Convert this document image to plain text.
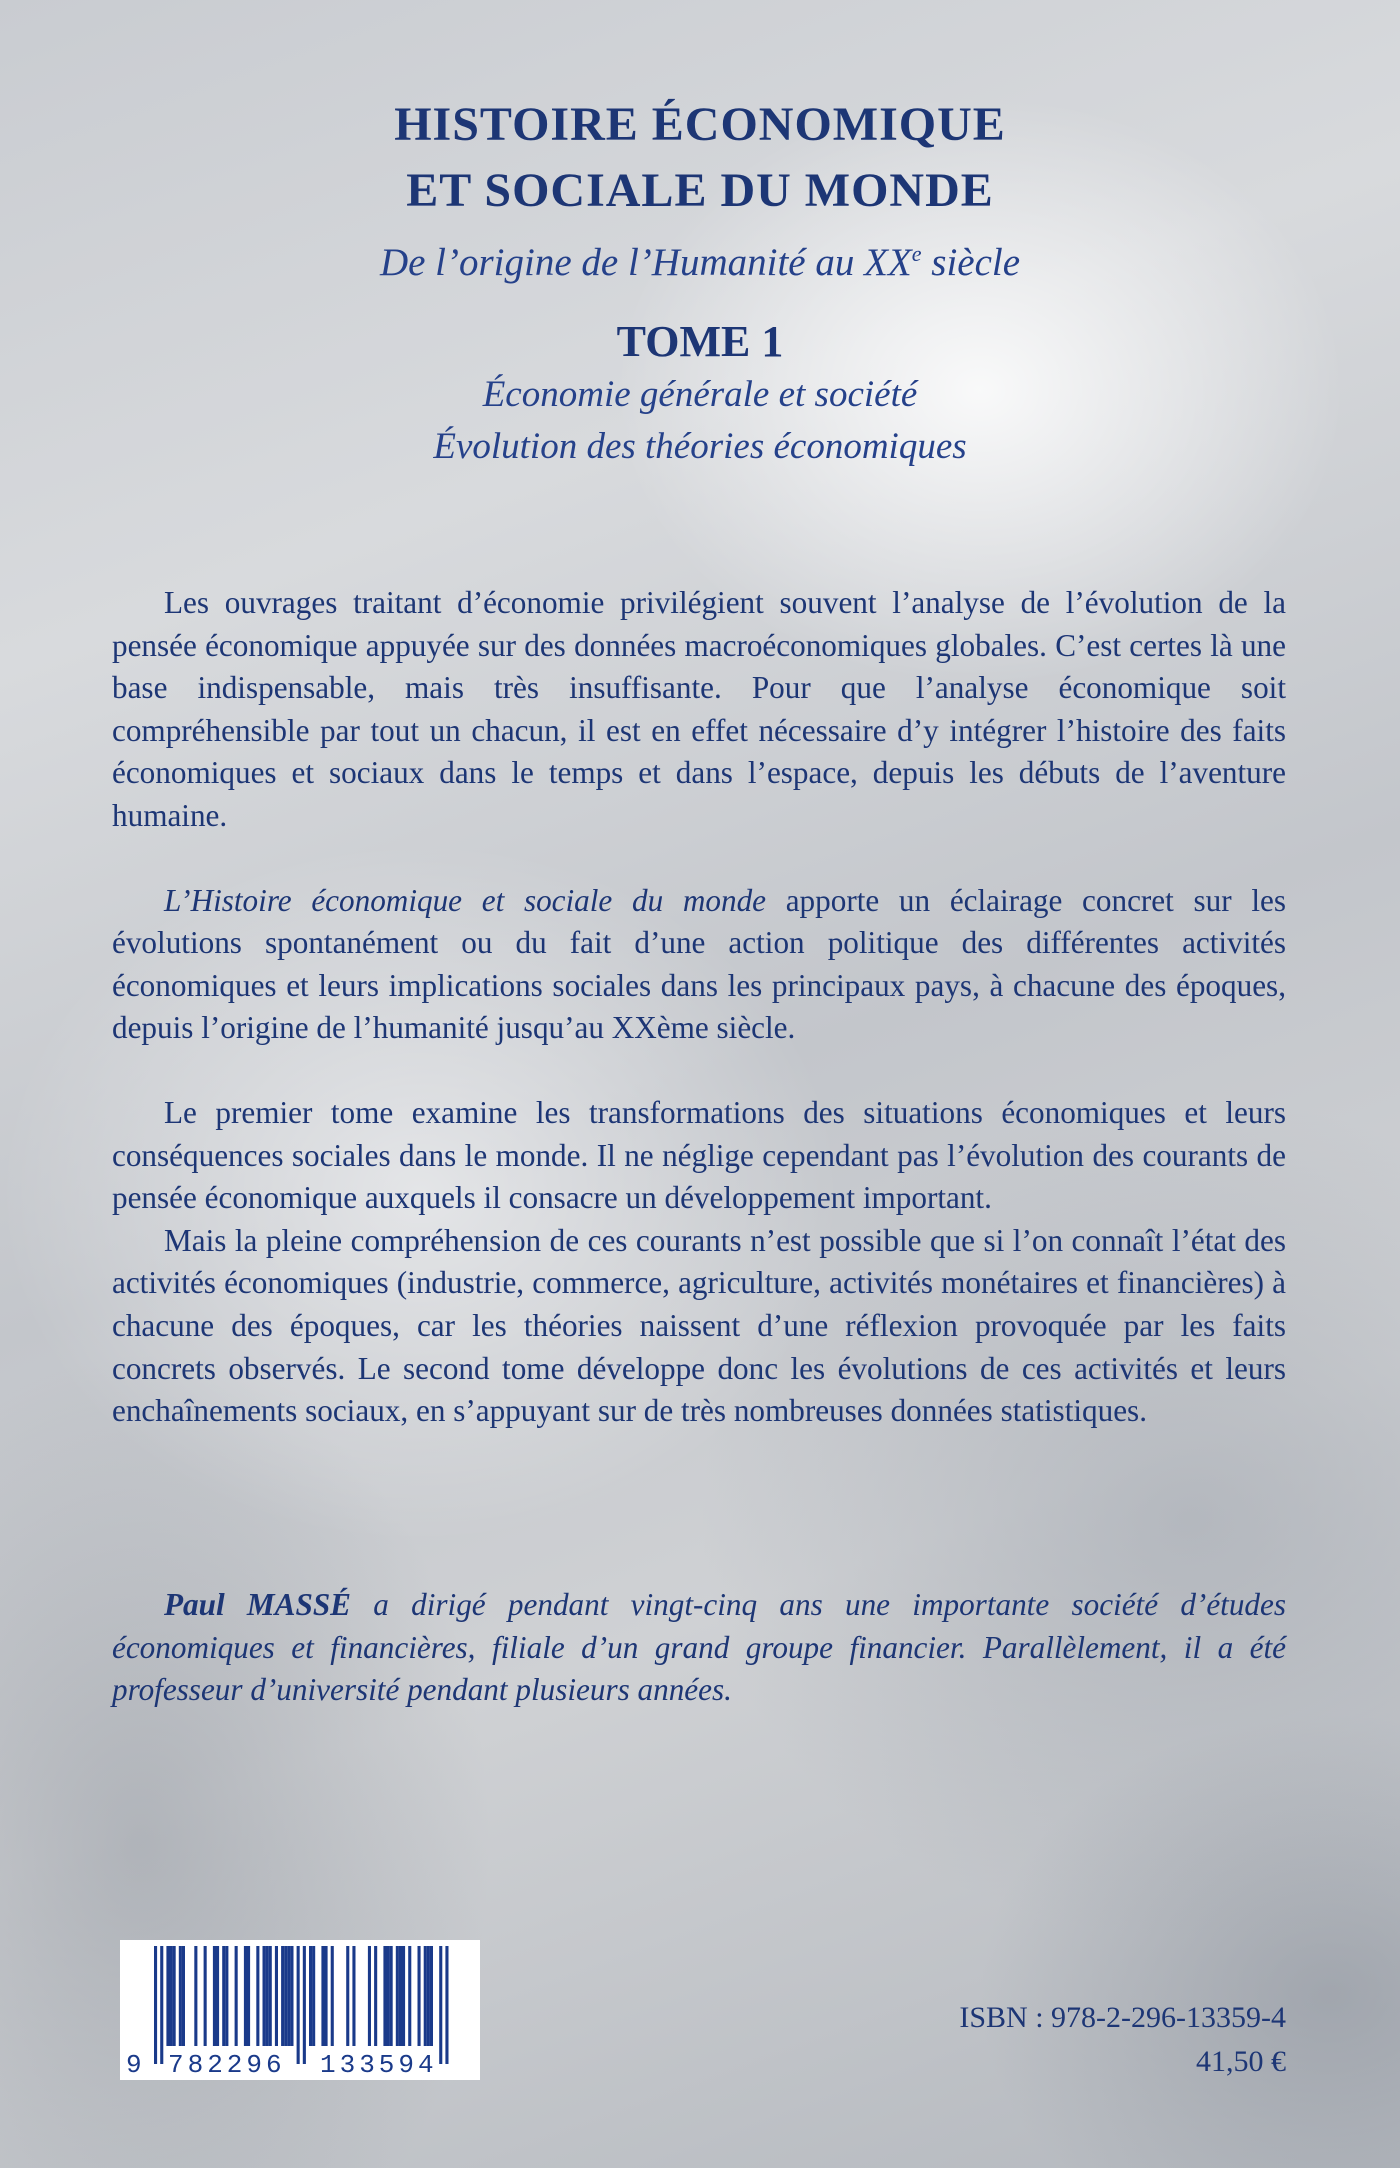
HISTOIRE ÉCONOMIQUE
ET SOCIALE DU MONDE

De l’origine de l’Humanité au XXe siècle

TOME 1

Économie générale et société

Évolution des théories économiques

Les ouvrages traitant d’économie privilégient souvent l’analyse de l’évolution de la pensée économique appuyée sur des données macroéconomiques globales. C’est certes là une base indispensable, mais très insuffisante. Pour que l’analyse économique soit compréhensible par tout un chacun, il est en effet nécessaire d’y intégrer l’histoire des faits économiques et sociaux dans le temps et dans l’espace, depuis les débuts de l’aventure humaine.

L’Histoire économique et sociale du monde apporte un éclairage concret sur les évolutions spontanément ou du fait d’une action politique des différentes activités économiques et leurs implications sociales dans les principaux pays, à chacune des époques, depuis l’origine de l’humanité jusqu’au XXème siècle.

Le premier tome examine les transformations des situations économiques et leurs conséquences sociales dans le monde. Il ne néglige cependant pas l’évolution des courants de pensée économique auxquels il consacre un développement important.

Mais la pleine compréhension de ces courants n’est possible que si l’on connaît l’état des activités économiques (industrie, commerce, agriculture, activités monétaires et financières) à chacune des époques, car les théories naissent d’une réflexion provoquée par les faits concrets observés. Le second tome développe donc les évolutions de ces activités et leurs enchaînements sociaux, en s’appuyant sur de très nombreuses données statistiques.

Paul MASSÉ a dirigé pendant vingt-cinq ans une importante société d’études économiques et financières, filiale d’un grand groupe financier. Parallèlement, il a été professeur d’université pendant plusieurs années.

9 782296 133594

ISBN : 978-2-296-13359-4

41,50 €
